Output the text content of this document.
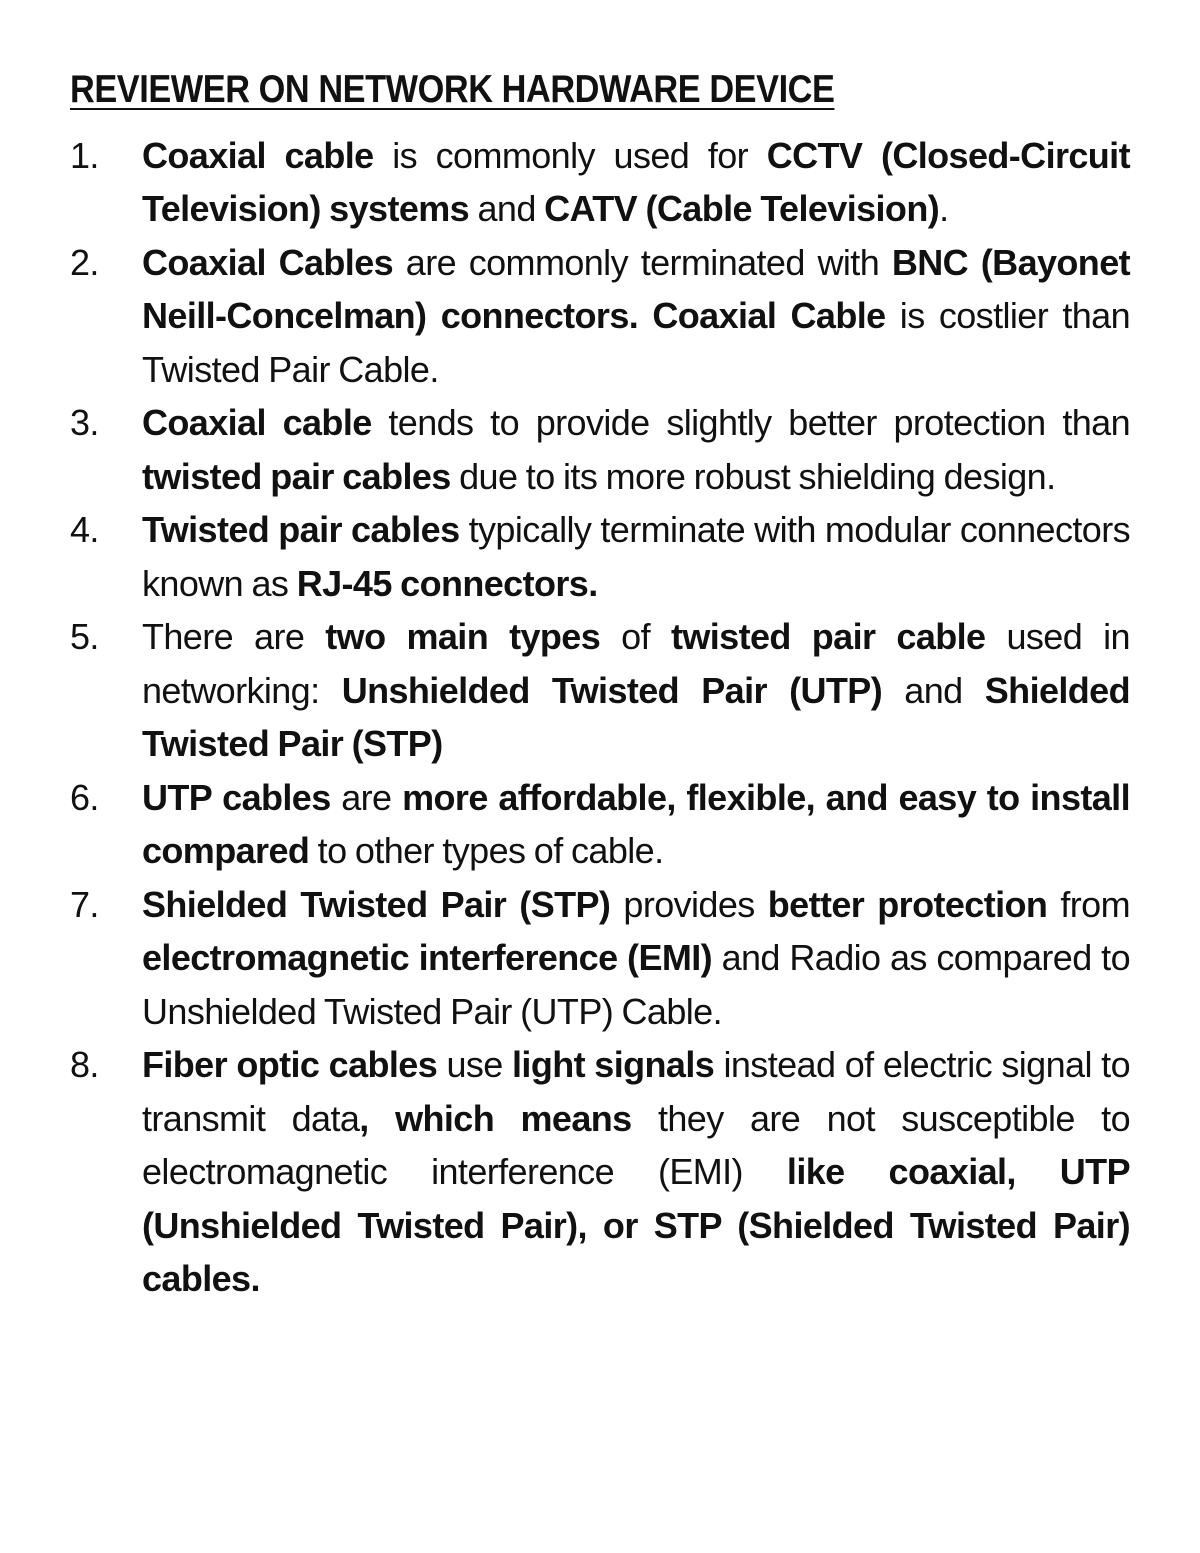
REVIEWER ON NETWORK HARDWARE DEVICE
1. Coaxial cable is commonly used for CCTV (Closed-Circuit Television) systems and CATV (Cable Television).
2. Coaxial Cables are commonly terminated with BNC (Bayonet Neill-Concelman) connectors. Coaxial Cable is costlier than Twisted Pair Cable.
3. Coaxial cable tends to provide slightly better protection than twisted pair cables due to its more robust shielding design.
4. Twisted pair cables typically terminate with modular connectors known as RJ-45 connectors.
5. There are two main types of twisted pair cable used in networking: Unshielded Twisted Pair (UTP) and Shielded Twisted Pair (STP)
6. UTP cables are more affordable, flexible, and easy to install compared to other types of cable.
7. Shielded Twisted Pair (STP) provides better protection from electromagnetic interference (EMI) and Radio as compared to Unshielded Twisted Pair (UTP) Cable.
8. Fiber optic cables use light signals instead of electric signal to transmit data, which means they are not susceptible to electromagnetic interference (EMI) like coaxial, UTP (Unshielded Twisted Pair), or STP (Shielded Twisted Pair) cables.
